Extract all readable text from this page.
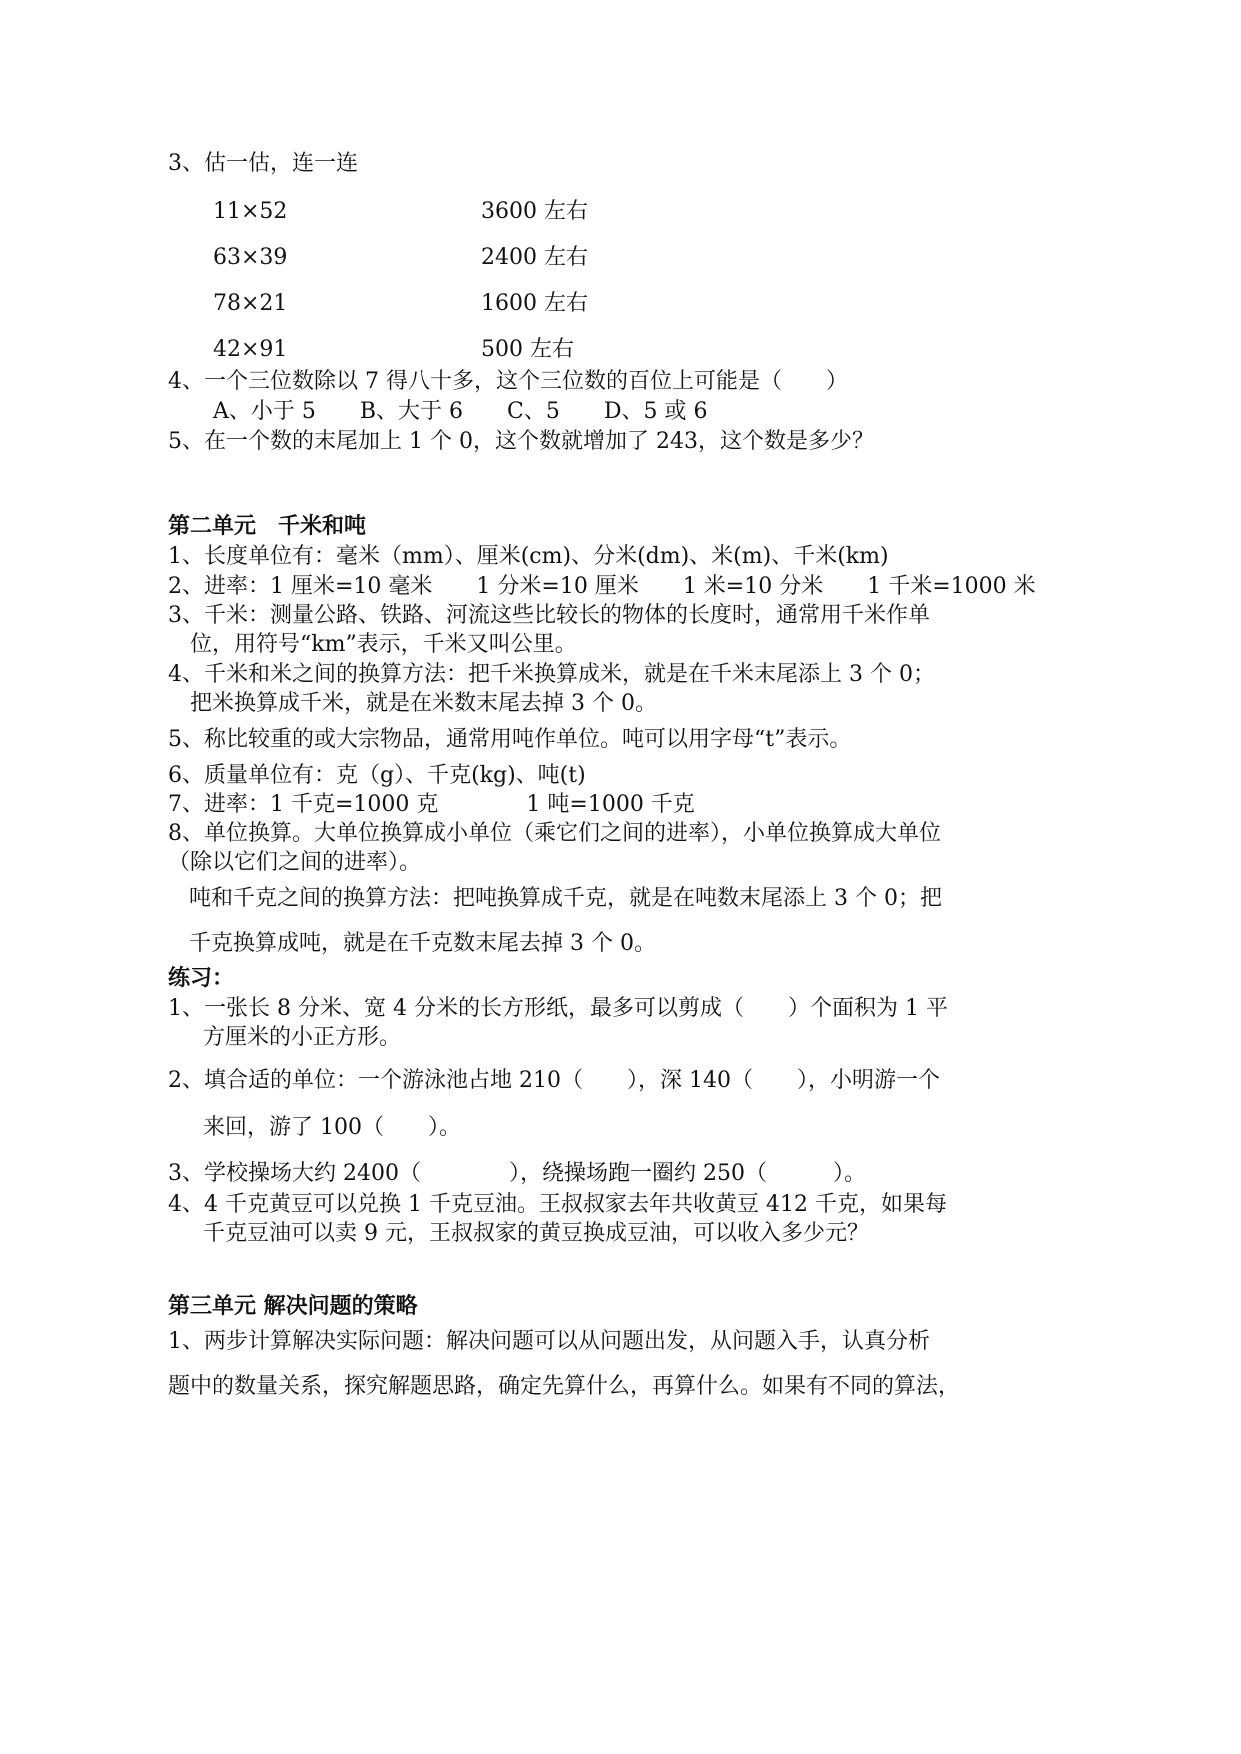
3、估一估，连一连
11×52
63×39
78×21
42×91
3600 左右
2400 左右
1600 左右
500 左右
4、一个三位数除以 7 得八十多，这个三位数的百位上可能是（　　）
A、小于 5　　B、大于 6　　C、5　　D、5 或 6
5、在一个数的末尾加上 1 个 0，这个数就增加了 243，这个数是多少？
第二单元　千米和吨
1、长度单位有：毫米（mm）、厘米(cm)、分米(dm)、米(m)、千米(km)
2、进率：1 厘米=10 毫米　　1 分米=10 厘米　　1 米=10 分米　　1 千米=1000 米
3、千米：测量公路、铁路、河流这些比较长的物体的长度时，通常用千米作单
　位，用符号“km”表示，千米又叫公里。
4、千米和米之间的换算方法：把千米换算成米，就是在千米末尾添上 3 个 0；
　把米换算成千米，就是在米数末尾去掉 3 个 0。
5、称比较重的或大宗物品，通常用吨作单位。吨可以用字母“t”表示。
6、质量单位有：克（g）、千克(kg)、吨(t)
7、进率：1 千克=1000 克　　　　1 吨=1000 千克
8、单位换算。大单位换算成小单位（乘它们之间的进率），小单位换算成大单位
（除以它们之间的进率）。
吨和千克之间的换算方法：把吨换算成千克，就是在吨数末尾添上 3 个 0；把
千克换算成吨，就是在千克数末尾去掉 3 个 0。
练习：
1、一张长 8 分米、宽 4 分米的长方形纸，最多可以剪成（　　）个面积为 1 平
方厘米的小正方形。
2、填合适的单位：一个游泳池占地 210（　　），深 140（　　），小明游一个
来回，游了 100（　　）。
3、学校操场大约 2400（　　　　），绕操场跑一圈约 250（　　　）。
4、4 千克黄豆可以兑换 1 千克豆油。王叔叔家去年共收黄豆 412 千克，如果每
千克豆油可以卖 9 元，王叔叔家的黄豆换成豆油，可以收入多少元？
第三单元 解决问题的策略
1、两步计算解决实际问题：解决问题可以从问题出发，从问题入手，认真分析
题中的数量关系，探究解题思路，确定先算什么，再算什么。如果有不同的算法，
